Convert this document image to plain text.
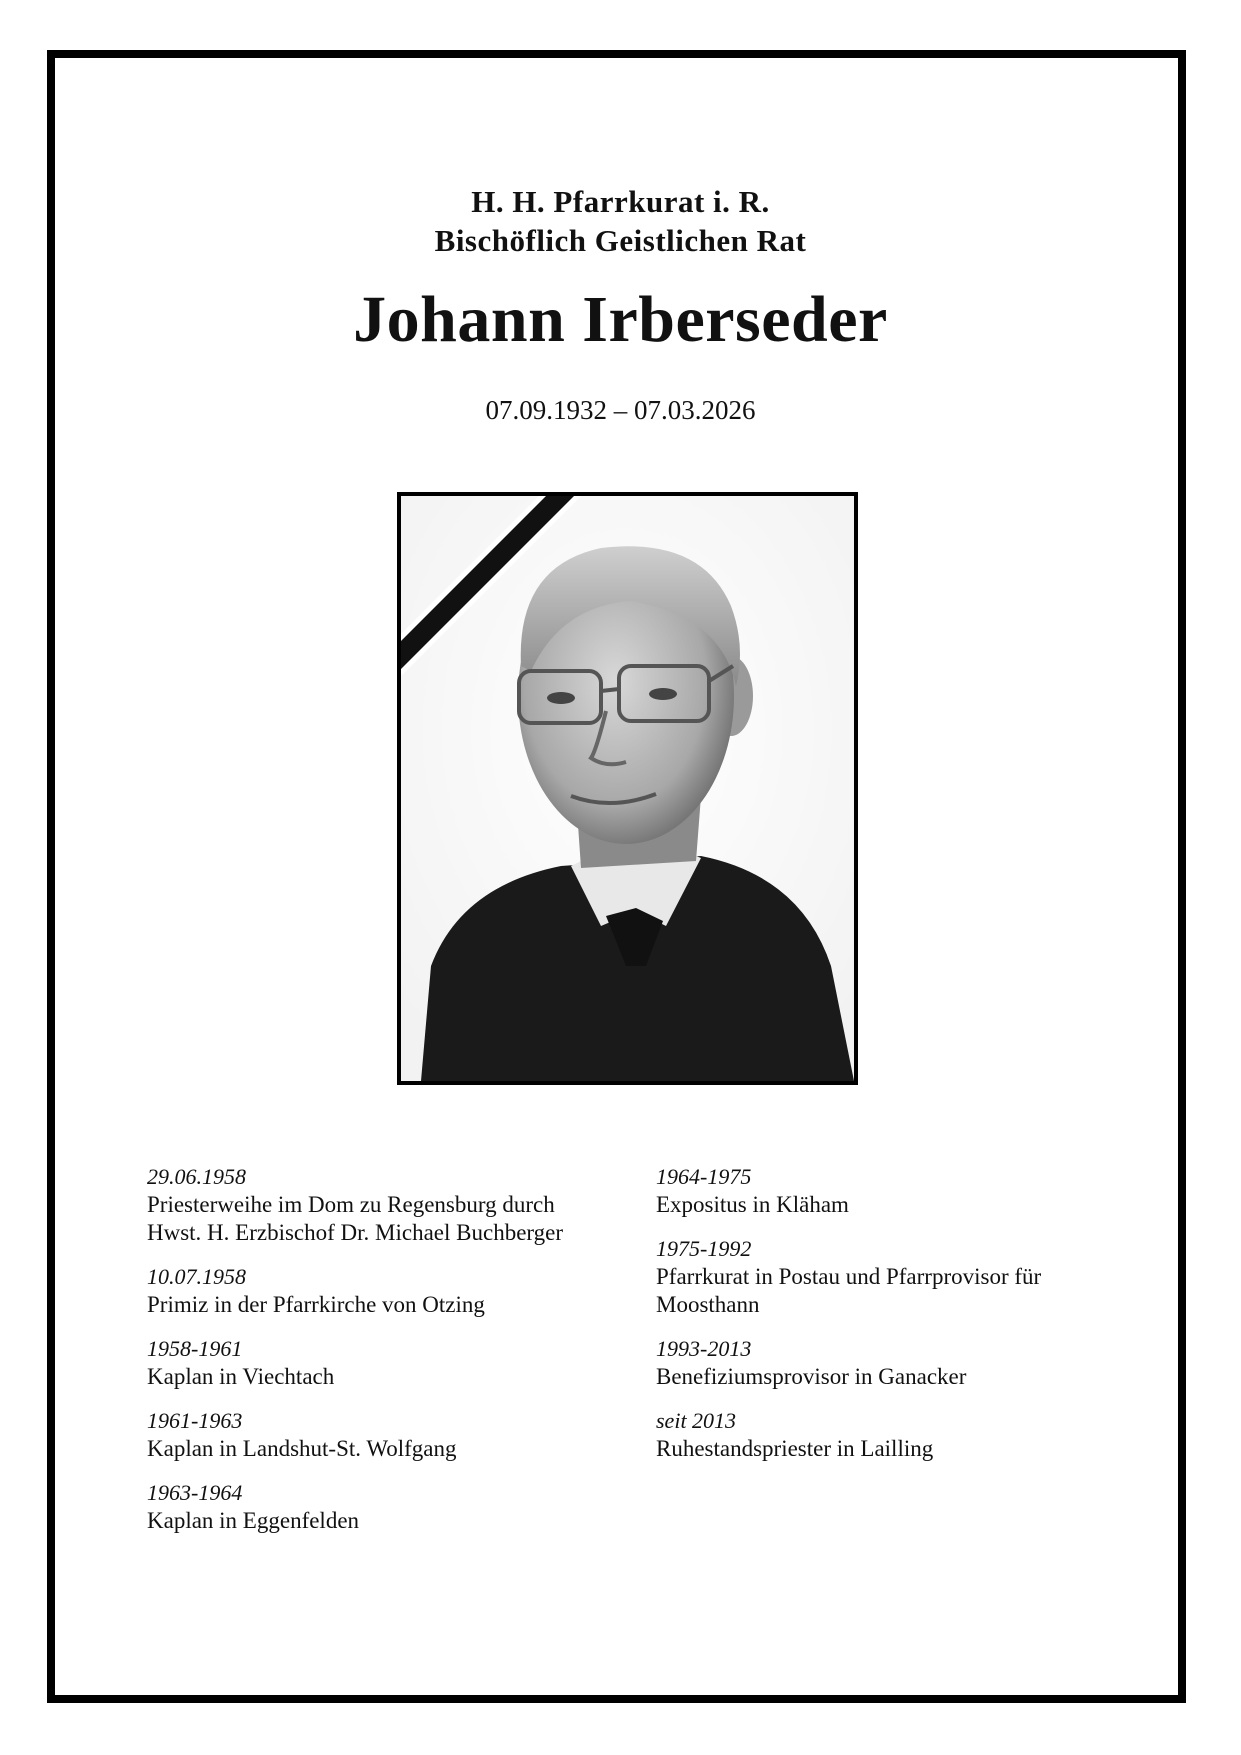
H. H. Pfarrkurat i. R.
Bischöflich Geistlichen Rat
Johann Irberseder
07.09.1932 – 07.03.2026
29.06.1958
Priesterweihe im Dom zu Regensburg durch Hwst. H. Erzbischof Dr. Michael Buchberger
10.07.1958
Primiz in der Pfarrkirche von Otzing
1958-1961
Kaplan in Viechtach
1961-1963
Kaplan in Landshut-St. Wolfgang
1963-1964
Kaplan in Eggenfelden
1964-1975
Expositus in Kläham
1975-1992
Pfarrkurat in Postau und Pfarrprovisor für Moosthann
1993-2013
Benefiziumsprovisor in Ganacker
seit 2013
Ruhestandspriester in Lailling
